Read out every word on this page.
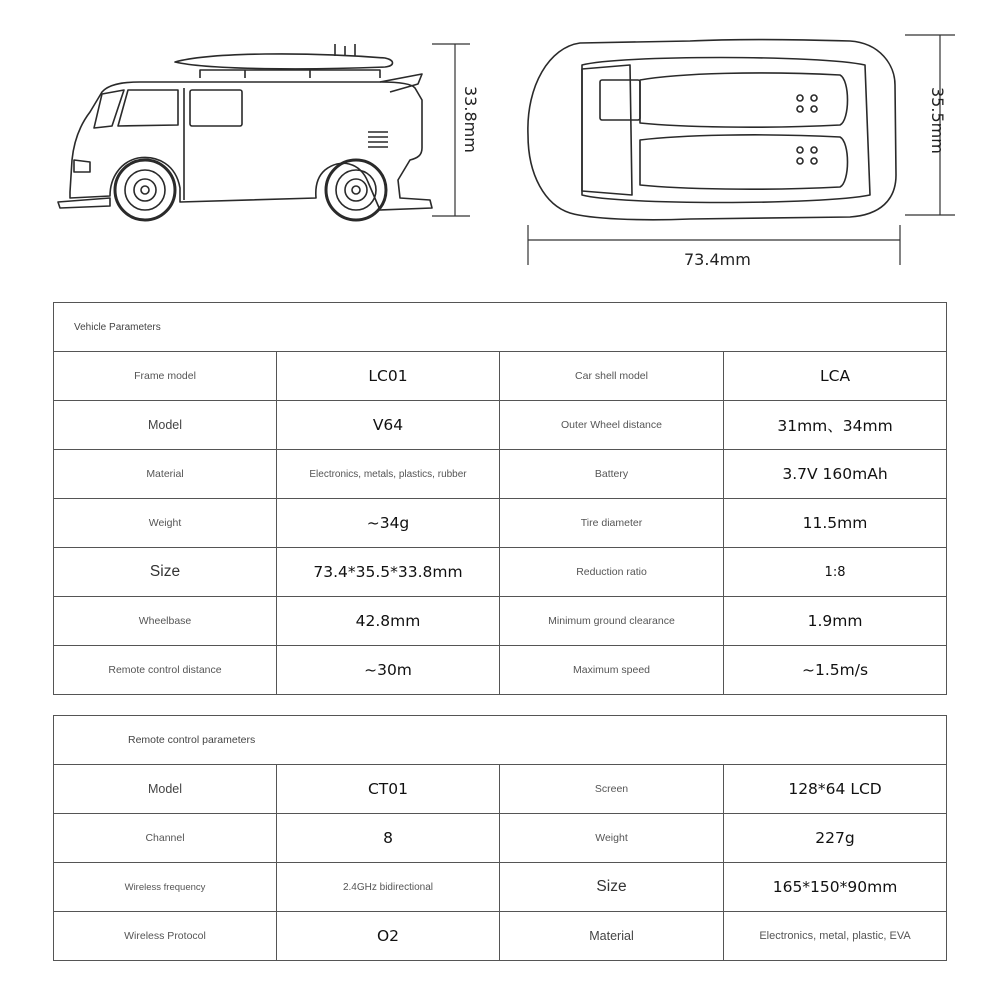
33.8mm
73.4mm
35.5mm
Vehicle Parameters			
Frame model	LC01	Car shell model	LCA
Model	V64	Outer Wheel distance	31mm、34mm
Material	Electronics, metals, plastics, rubber	Battery	3.7V 160mAh
Weight	~34g	Tire diameter	11.5mm
Size	73.4*35.5*33.8mm	Reduction ratio	1:8
Wheelbase	42.8mm	Minimum ground clearance	1.9mm
Remote control distance	~30m	Maximum speed	~1.5m/s
Remote control parameters			
Model	CT01	Screen	128*64 LCD
Channel	8	Weight	227g
Wireless frequency	2.4GHz bidirectional	Size	165*150*90mm
Wireless Protocol	O2	Material	Electronics, metal, plastic, EVA
